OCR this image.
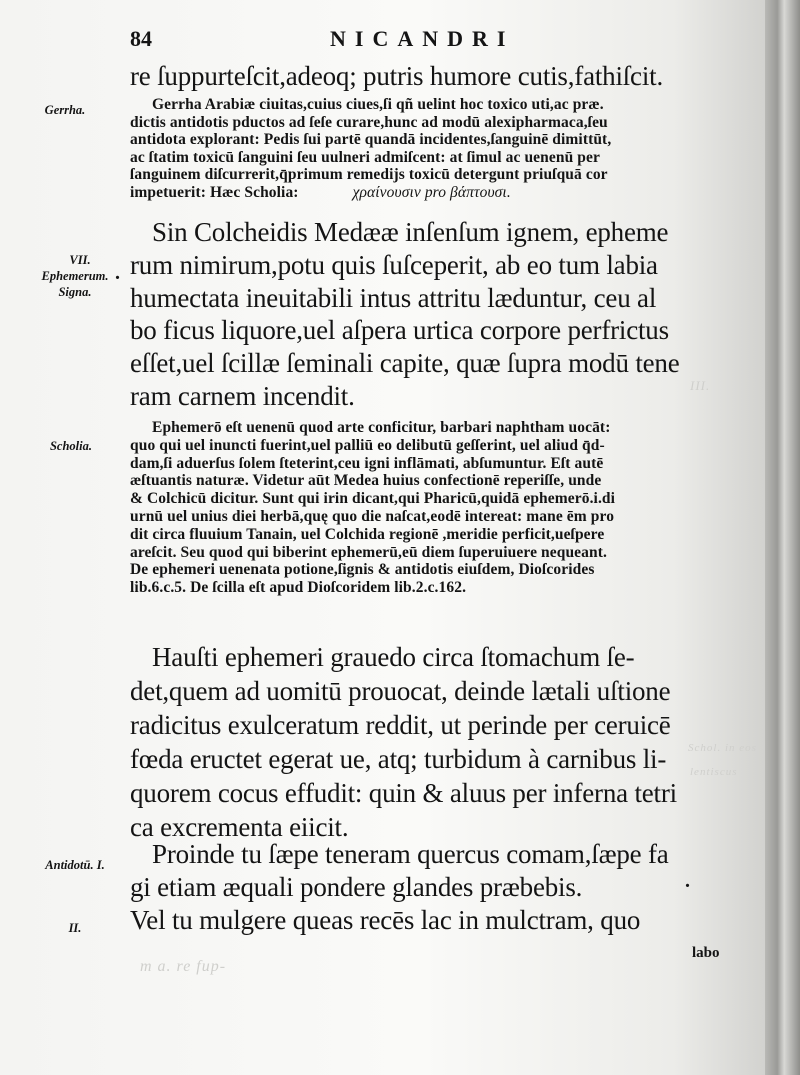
III.
Schol. in eos
lentiscus
m a. re fup-
84	NICANDRI
Gerrha.
VII.
Ephemerum. Signa.
Scholia.
Antidotū. I.
II.

re ſuppurteſcit,adeoq; putris humore cutis,fathiſcit.

Gerrha Arabiæ ciuitas,cuius ciues,ſi qñ uelint hoc toxico uti,ac præ.

dictis antidotis pductos ad ſeſe curare,hunc ad modū alexipharmaca,ſeu

antidota explorant: Pedis ſui partē quandā incidentes,ſanguinē dimittūt,

ac ſtatim toxicū ſanguini ſeu uulneri admiſcent: at ſimul ac uenenū per

ſanguinem diſcurrerit,q̄primum remedijs toxicū detergunt priuſquā cor

impetuerit: Hæc Scholia:	χραίνουσιν pro βάπτουσι.

Sin Colcheidis Medææ inſenſum ignem, epheme

rum nimirum,potu quis ſuſceperit, ab eo tum labia

humectata ineuitabili intus attritu læduntur, ceu al

bo ficus liquore,uel aſpera urtica corpore perfrictus

eſſet,uel ſcillæ ſeminali capite, quæ ſupra modū tene

ram carnem incendit.

Ephemerō eſt uenenū quod arte conficitur, barbari naphtham uocāt:

quo qui uel inuncti fuerint,uel palliū eo delibutū geſſerint, uel aliud q̄d-

dam,ſi aduerſus ſolem ſteterint,ceu igni inflāmati, abſumuntur. Eſt autē

æſtuantis naturæ. Videtur aūt Medea huius confectionē reperiſſe, unde

& Colchicū dicitur. Sunt qui irin dicant,qui Pharicū,quidā ephemerō.i.di

urnū uel unius diei herbā,quę quo die naſcat,eodē intereat: mane ēm pro

dit circa fluuium Tanain, uel Colchida regionē ,meridie perficit,ueſpere

areſcit. Seu quod qui biberint ephemerū,eū diem ſuperuiuere nequeant.

De ephemeri uenenata potione,ſignis & antidotis eiuſdem, Dioſcorides

lib.6.c.5. De ſcilla eſt apud Dioſcoridem lib.2.c.162.

Hauſti ephemeri grauedo circa ſtomachum ſe-

det,quem ad uomitū prouocat, deinde lætali uſtione

radicitus exulceratum reddit, ut perinde per ceruicē

fœda eructet egerat ue, atq; turbidum à carnibus li-

quorem cocus effudit: quin & aluus per inferna tetri

ca excrementa eiicit.

Proinde tu ſæpe teneram quercus comam,ſæpe fa

gi etiam æquali pondere glandes præbebis.

Vel tu mulgere queas recēs lac in mulctram, quo

labo
.
.
